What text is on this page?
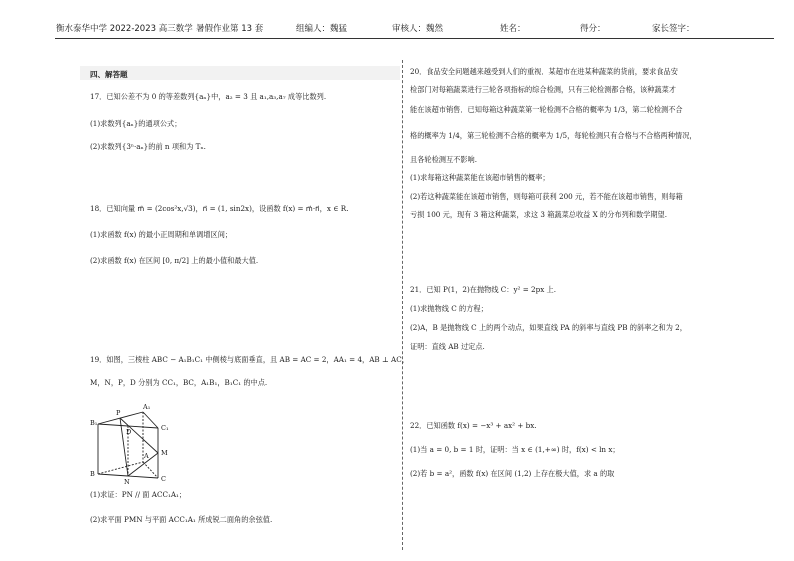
衡水泰华中学 2022-2023 高三数学 暑假作业第 13 套	组编人：魏猛	审核人：魏然	姓名：	得分：	家长签字：
四、解答题
17．已知公差不为 0 的等差数列{aₙ}中，a₂ = 3 且 a₁,a₃,a₇ 成等比数列.
(1)求数列{aₙ}的通项公式；
(2)求数列{3ⁿ·aₙ}的前 n 项和为 Tₙ.
18．已知向量 m⃗ = (2cos²x,√3)，n⃗ = (1, sin2x)，设函数 f(x) = m⃗·n⃗，x ∈ R.
(1)求函数 f(x) 的最小正周期和单调增区间；
(2)求函数 f(x) 在区间 [0, π/2] 上的最小值和最大值.
19．如图，三棱柱 ABC − A₁B₁C₁ 中侧棱与底面垂直，且 AB = AC = 2，AA₁ = 4，AB ⊥ AC，
M，N，P，D 分别为 CC₁，BC，A₁B₁，B₁C₁ 的中点.
A₁
B₁
C₁
P
D
M
A
B
C
N
(1)求证：PN // 面 ACC₁A₁；
(2)求平面 PMN 与平面 ACC₁A₁ 所成锐二面角的余弦值.
20．食品安全问题越来越受到人们的重视．某超市在进某种蔬菜的货前，要求食品安
检部门对每箱蔬菜进行三轮各项指标的综合检测，只有三轮检测都合格，该种蔬菜才
能在该超市销售．已知每箱这种蔬菜第一轮检测不合格的概率为 1/3，第二轮检测不合
格的概率为 1/4，第三轮检测不合格的概率为 1/5，每轮检测只有合格与不合格两种情况，
且各轮检测互不影响.
(1)求每箱这种蔬菜能在该超市销售的概率；
(2)若这种蔬菜能在该超市销售，则每箱可获利 200 元，若不能在该超市销售，则每箱
亏损 100 元，现有 3 箱这种蔬菜，求这 3 箱蔬菜总收益 X 的分布列和数学期望.
21．已知 P(1，2)在抛物线 C：y² = 2px 上.
(1)求抛物线 C 的方程；
(2)A，B 是抛物线 C 上的两个动点，如果直线 PA 的斜率与直线 PB 的斜率之和为 2，
证明：直线 AB 过定点.
22．已知函数 f(x) = −x³ + ax² + bx.
(1)当 a = 0, b = 1 时，证明：当 x ∈ (1,+∞) 时，f(x) < ln x；
(2)若 b = a²，函数 f(x) 在区间 (1,2) 上存在极大值，求 a 的取
